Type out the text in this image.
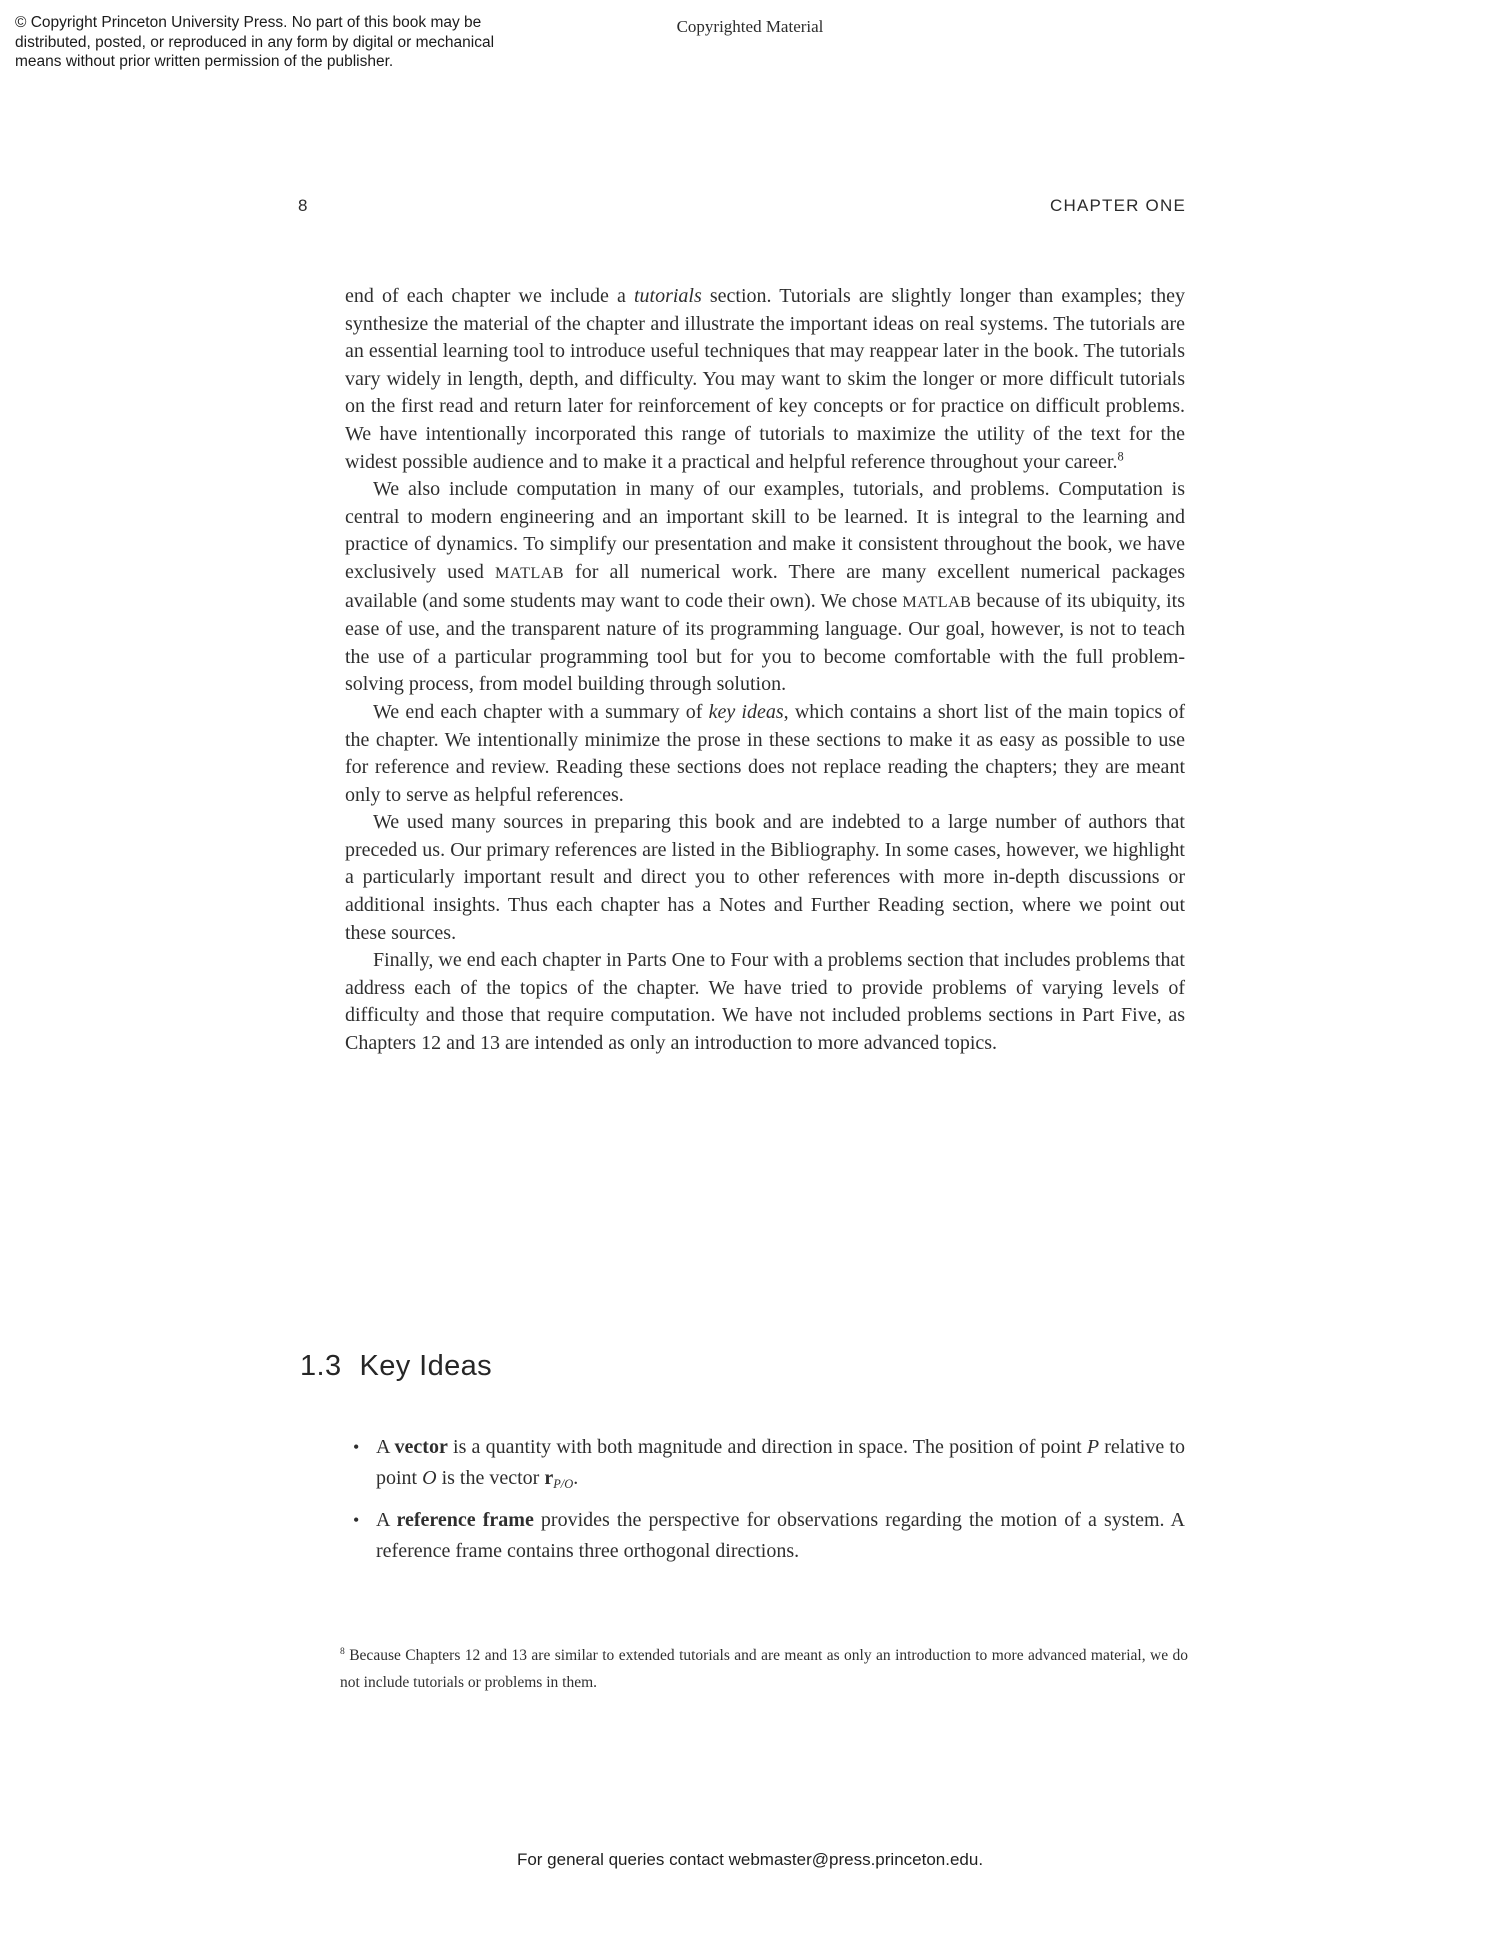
© Copyright Princeton University Press. No part of this book may be distributed, posted, or reproduced in any form by digital or mechanical means without prior written permission of the publisher.
Copyrighted Material
8	CHAPTER ONE

end of each chapter we include a tutorials section. Tutorials are slightly longer than examples; they synthesize the material of the chapter and illustrate the important ideas on real systems. The tutorials are an essential learning tool to introduce useful techniques that may reappear later in the book. The tutorials vary widely in length, depth, and difficulty. You may want to skim the longer or more difficult tutorials on the first read and return later for reinforcement of key concepts or for practice on difficult problems. We have intentionally incorporated this range of tutorials to maximize the utility of the text for the widest possible audience and to make it a practical and helpful reference throughout your career.$^8$

We also include computation in many of our examples, tutorials, and problems. Computation is central to modern engineering and an important skill to be learned. It is integral to the learning and practice of dynamics. To simplify our presentation and make it consistent throughout the book, we have exclusively used MATLAB for all numerical work. There are many excellent numerical packages available (and some students may want to code their own). We chose MATLAB because of its ubiquity, its ease of use, and the transparent nature of its programming language. Our goal, however, is not to teach the use of a particular programming tool but for you to become comfortable with the full problem-solving process, from model building through solution.

We end each chapter with a summary of key ideas, which contains a short list of the main topics of the chapter. We intentionally minimize the prose in these sections to make it as easy as possible to use for reference and review. Reading these sections does not replace reading the chapters; they are meant only to serve as helpful references.

We used many sources in preparing this book and are indebted to a large number of authors that preceded us. Our primary references are listed in the Bibliography. In some cases, however, we highlight a particularly important result and direct you to other references with more in-depth discussions or additional insights. Thus each chapter has a Notes and Further Reading section, where we point out these sources.

Finally, we end each chapter in Parts One to Four with a problems section that includes problems that address each of the topics of the chapter. We have tried to provide problems of varying levels of difficulty and those that require computation. We have not included problems sections in Part Five, as Chapters 12 and 13 are intended as only an introduction to more advanced topics.

1.3 Key Ideas
• A vector is a quantity with both magnitude and direction in space. The position of point P relative to point O is the vector $r_{P/O}$.
• A reference frame provides the perspective for observations regarding the motion of a system. A reference frame contains three orthogonal directions.
$^8$ Because Chapters 12 and 13 are similar to extended tutorials and are meant as only an introduction to more advanced material, we do not include tutorials or problems in them.
For general queries contact webmaster@press.princeton.edu.
